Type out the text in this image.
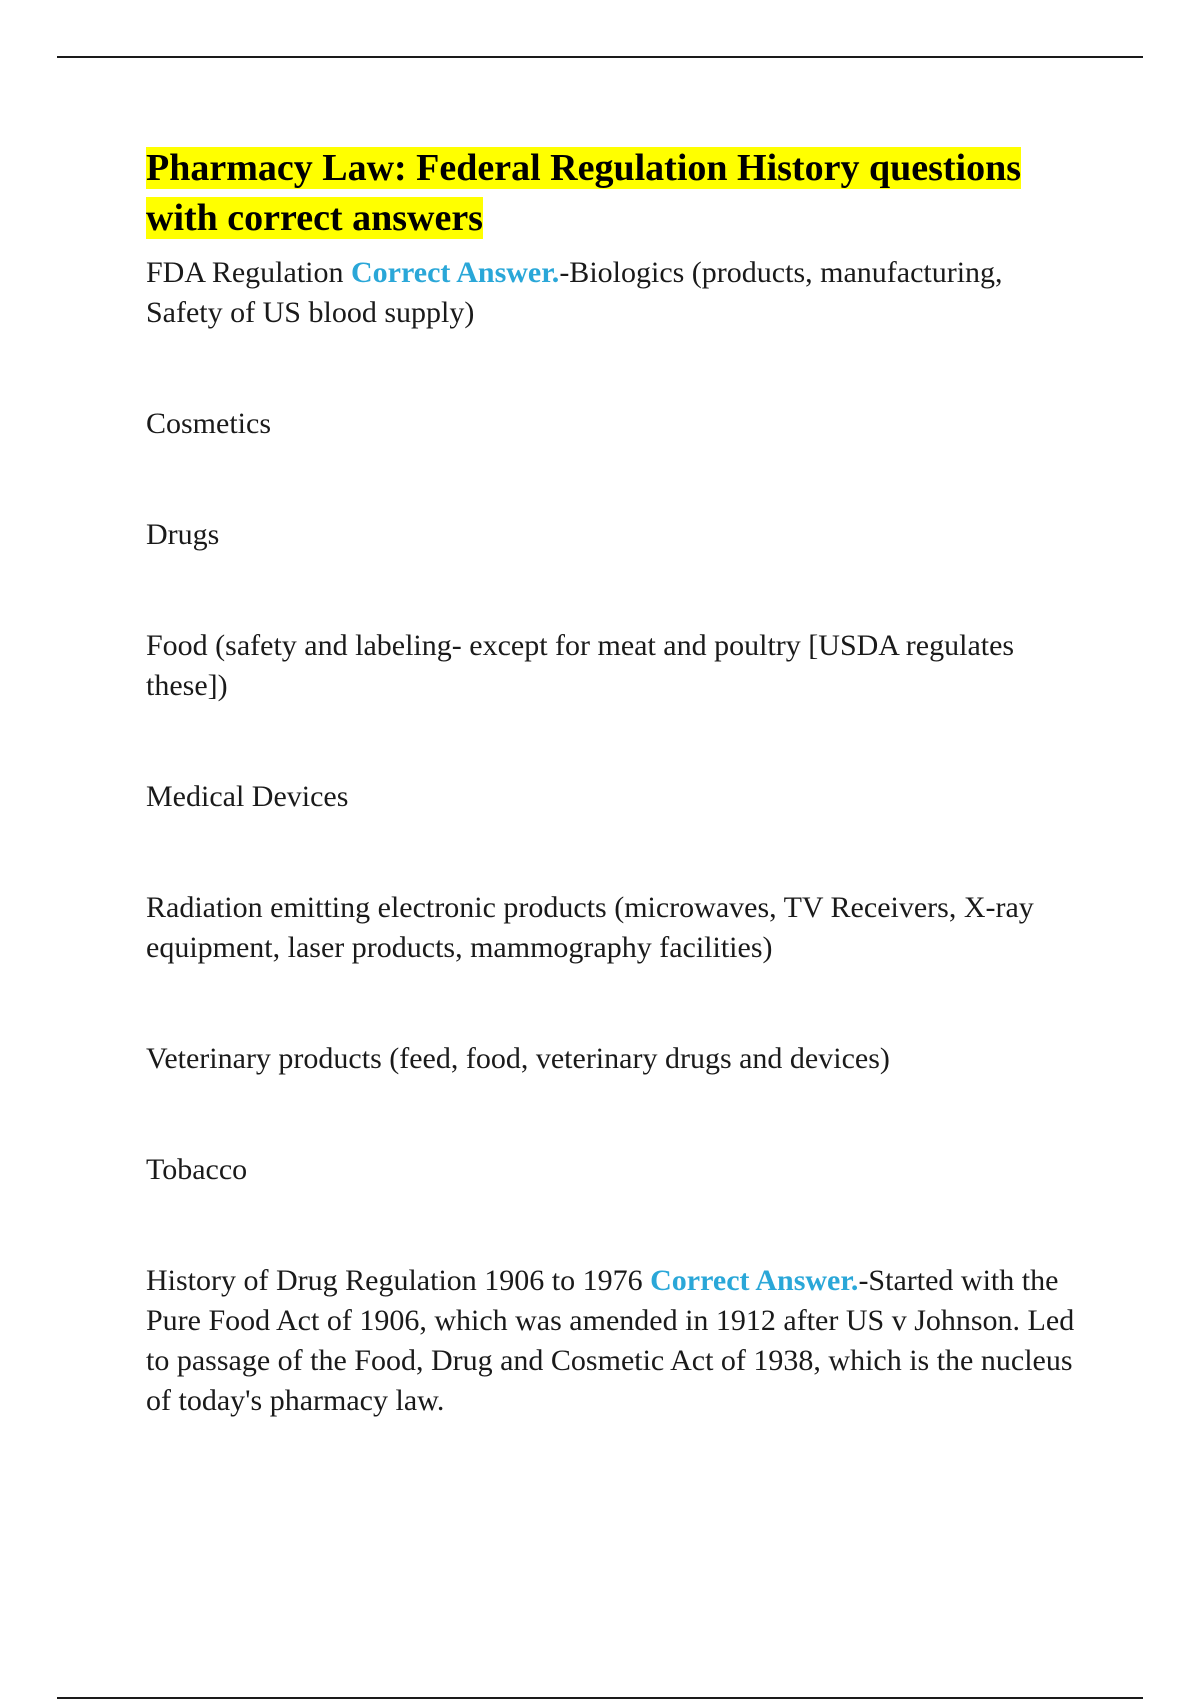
Pharmacy Law: Federal Regulation History questions with correct answers

FDA Regulation Correct Answer.-Biologics (products, manufacturing, Safety of US blood supply)

Cosmetics

Drugs

Food (safety and labeling- except for meat and poultry [USDA regulates these])

Medical Devices

Radiation emitting electronic products (microwaves, TV Receivers, X-ray equipment, laser products, mammography facilities)

Veterinary products (feed, food, veterinary drugs and devices)

Tobacco

History of Drug Regulation 1906 to 1976 Correct Answer.-Started with the Pure Food Act of 1906, which was amended in 1912 after US v Johnson. Led to passage of the Food, Drug and Cosmetic Act of 1938, which is the nucleus of today's pharmacy law.
